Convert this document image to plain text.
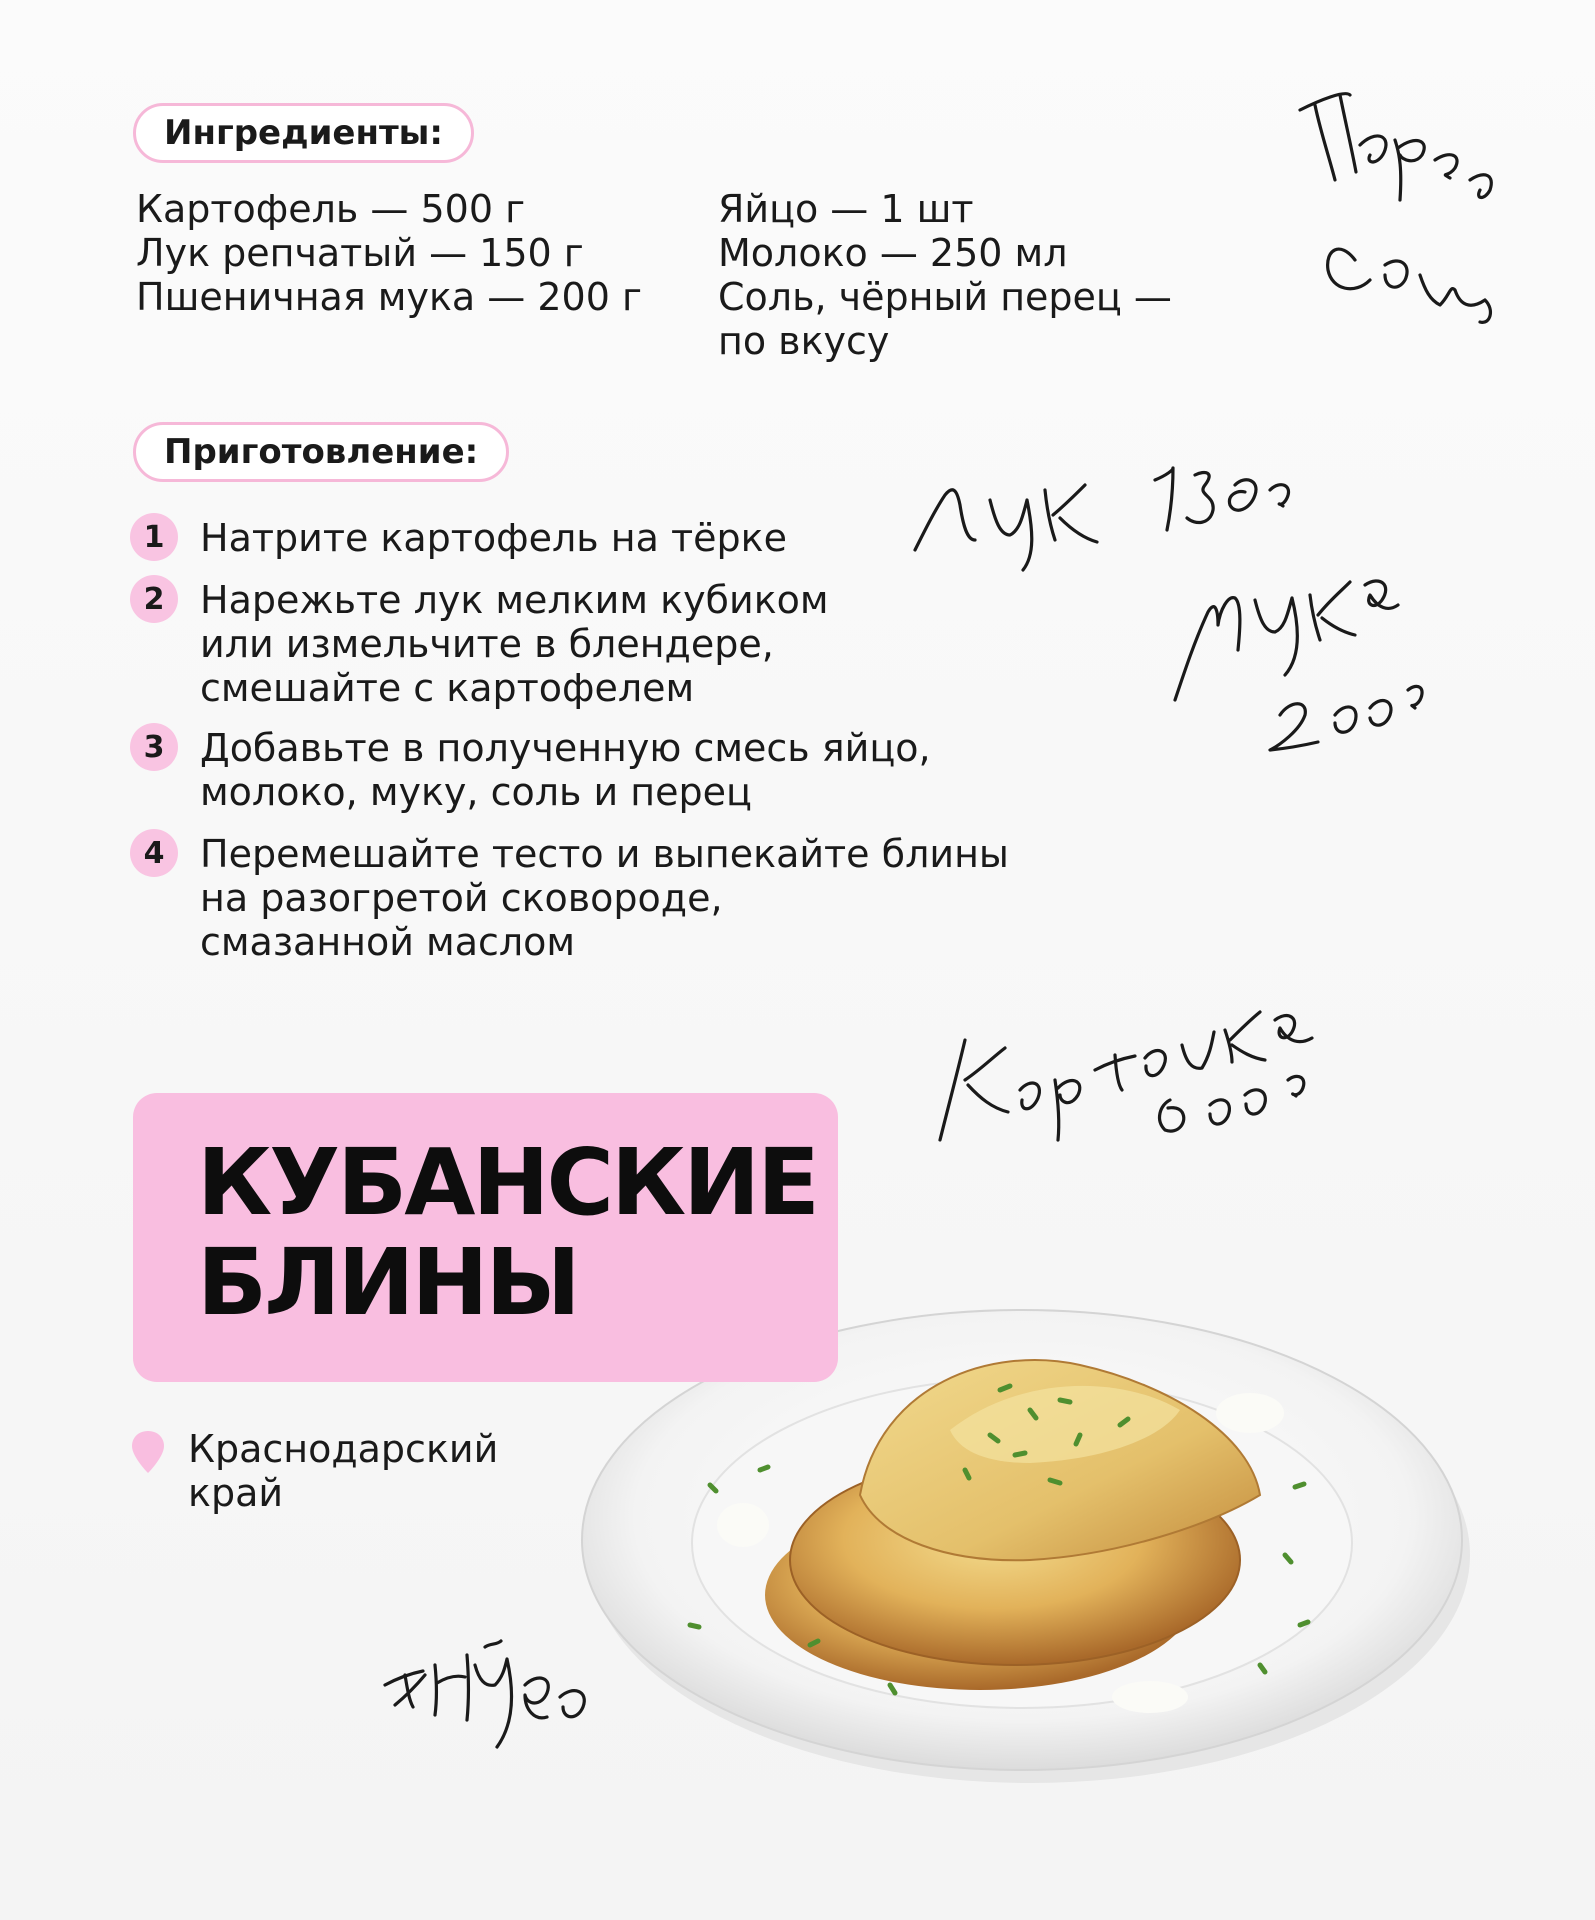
Ингредиенты:
Картофель — 500 г
Лук репчатый — 150 г
Пшеничная мука — 200 г
Яйцо — 1 шт
Молоко — 250 мл
Соль, чёрный перец —
по вкусу
Приготовление:
1 Натрите картофель на тёрке
2 Нарежьте лук мелким кубиком
или измельчите в блендере,
смешайте с картофелем
3 Добавьте в полученную смесь яйцо,
молоко, муку, соль и перец
4 Перемешайте тесто и выпекайте блины
на разогретой сковороде,
смазанной маслом
КУБАНСКИЕ
БЛИНЫ
Краснодарский
край
